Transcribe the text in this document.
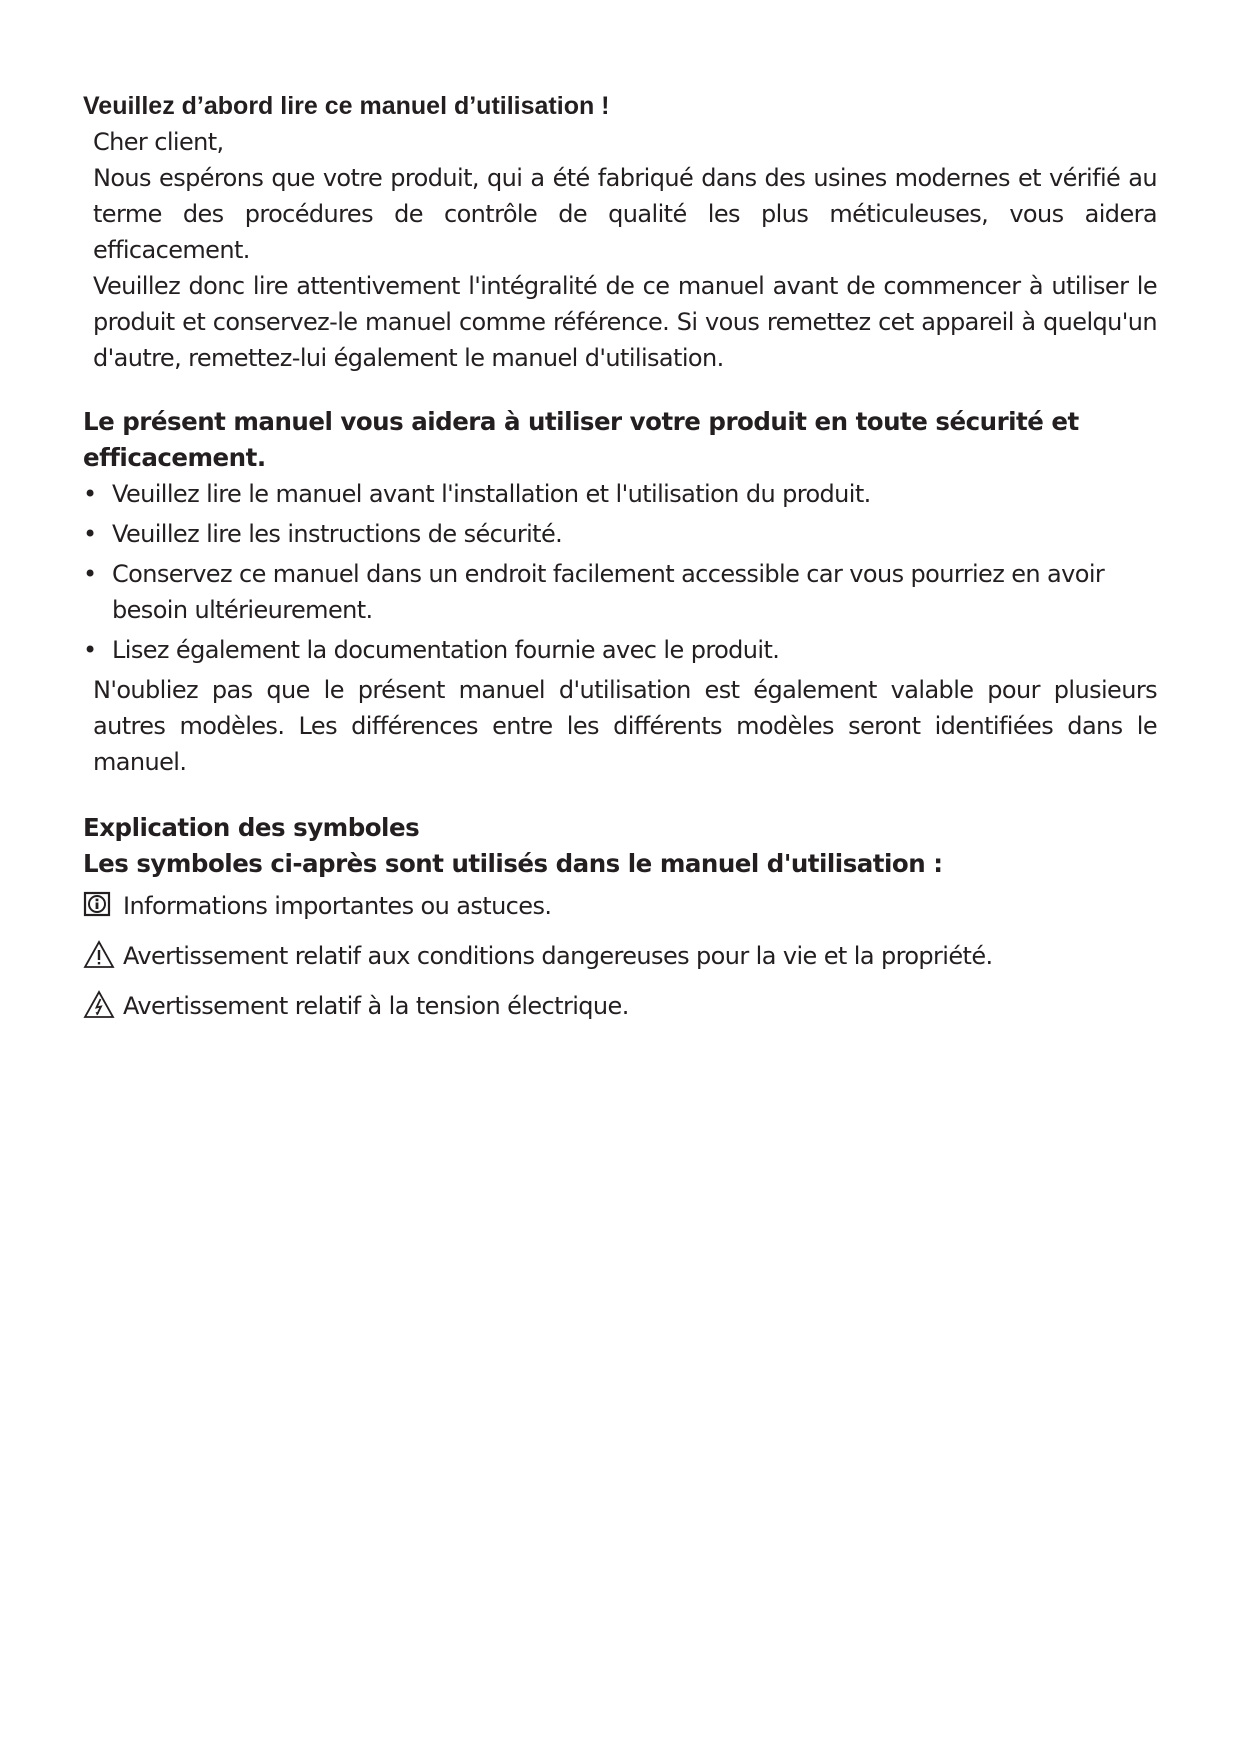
Veuillez d’abord lire ce manuel d’utilisation !

Cher client,

Nous espérons que votre produit, qui a été fabriqué dans des usines modernes et vérifié au terme des procédures de contrôle de qualité les plus méticuleuses, vous aidera efficacement.

Veuillez donc lire attentivement l'intégralité de ce manuel avant de commencer à utiliser le produit et conservez-le manuel comme référence. Si vous remettez cet appareil à quelqu'un d'autre, remettez-lui également le manuel d'utilisation.

Le présent manuel vous aidera à utiliser votre produit en toute sécurité et efficacement.
• Veuillez lire le manuel avant l'installation et l'utilisation du produit.
• Veuillez lire les instructions de sécurité.
• Conservez ce manuel dans un endroit facilement accessible car vous pourriez en avoir besoin ultérieurement.
• Lisez également la documentation fournie avec le produit.

N'oubliez pas que le présent manuel d'utilisation est également valable pour plusieurs autres modèles. Les différences entre les différents modèles seront identifiées dans le manuel.

Explication des symboles
Les symboles ci-après sont utilisés dans le manuel d'utilisation :
Informations importantes ou astuces.
Avertissement relatif aux conditions dangereuses pour la vie et la propriété.
Avertissement relatif à la tension électrique.
